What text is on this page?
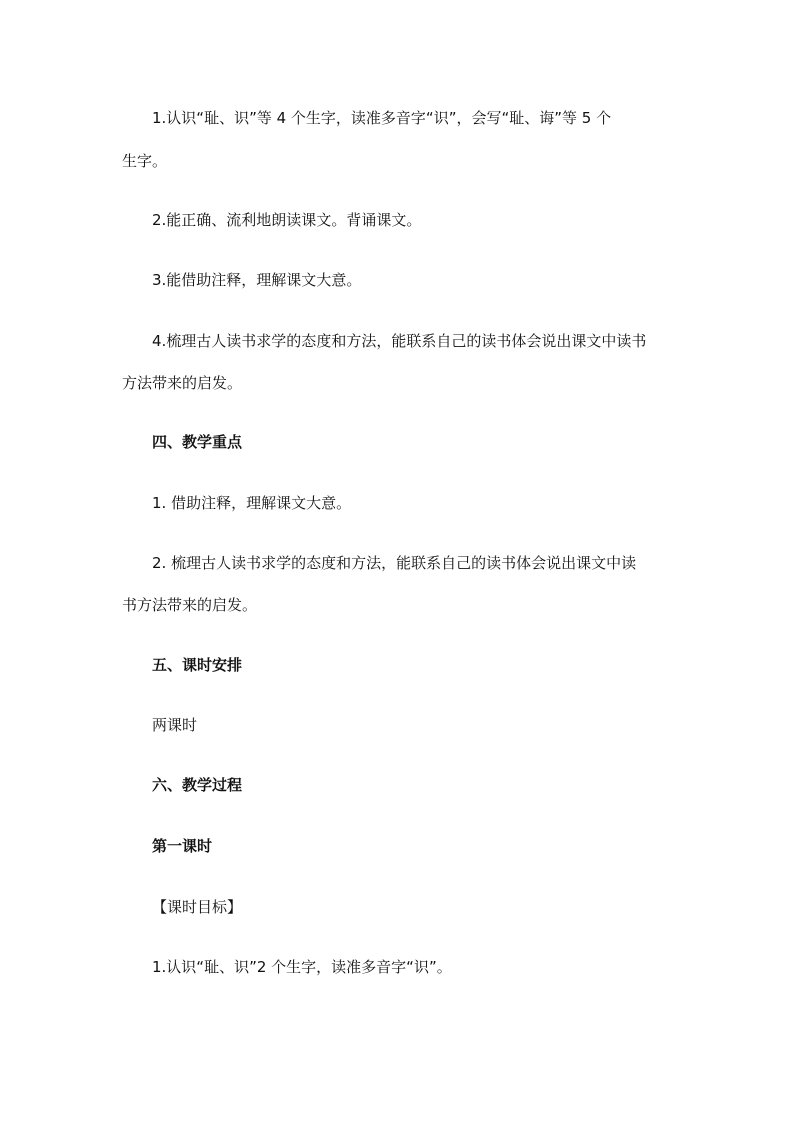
1.认识“耻、识”等 4 个生字，读准多音字“识”，会写“耻、诲”等 5 个
生字。
2.能正确、流利地朗读课文。背诵课文。
3.能借助注释，理解课文大意。
4.梳理古人读书求学的态度和方法，能联系自己的读书体会说出课文中读书
方法带来的启发。
四、教学重点
1. 借助注释，理解课文大意。
2. 梳理古人读书求学的态度和方法，能联系自己的读书体会说出课文中读
书方法带来的启发。
五、课时安排
两课时
六、教学过程
第一课时
【课时目标】
1.认识“耻、识”2 个生字，读准多音字“识”。
